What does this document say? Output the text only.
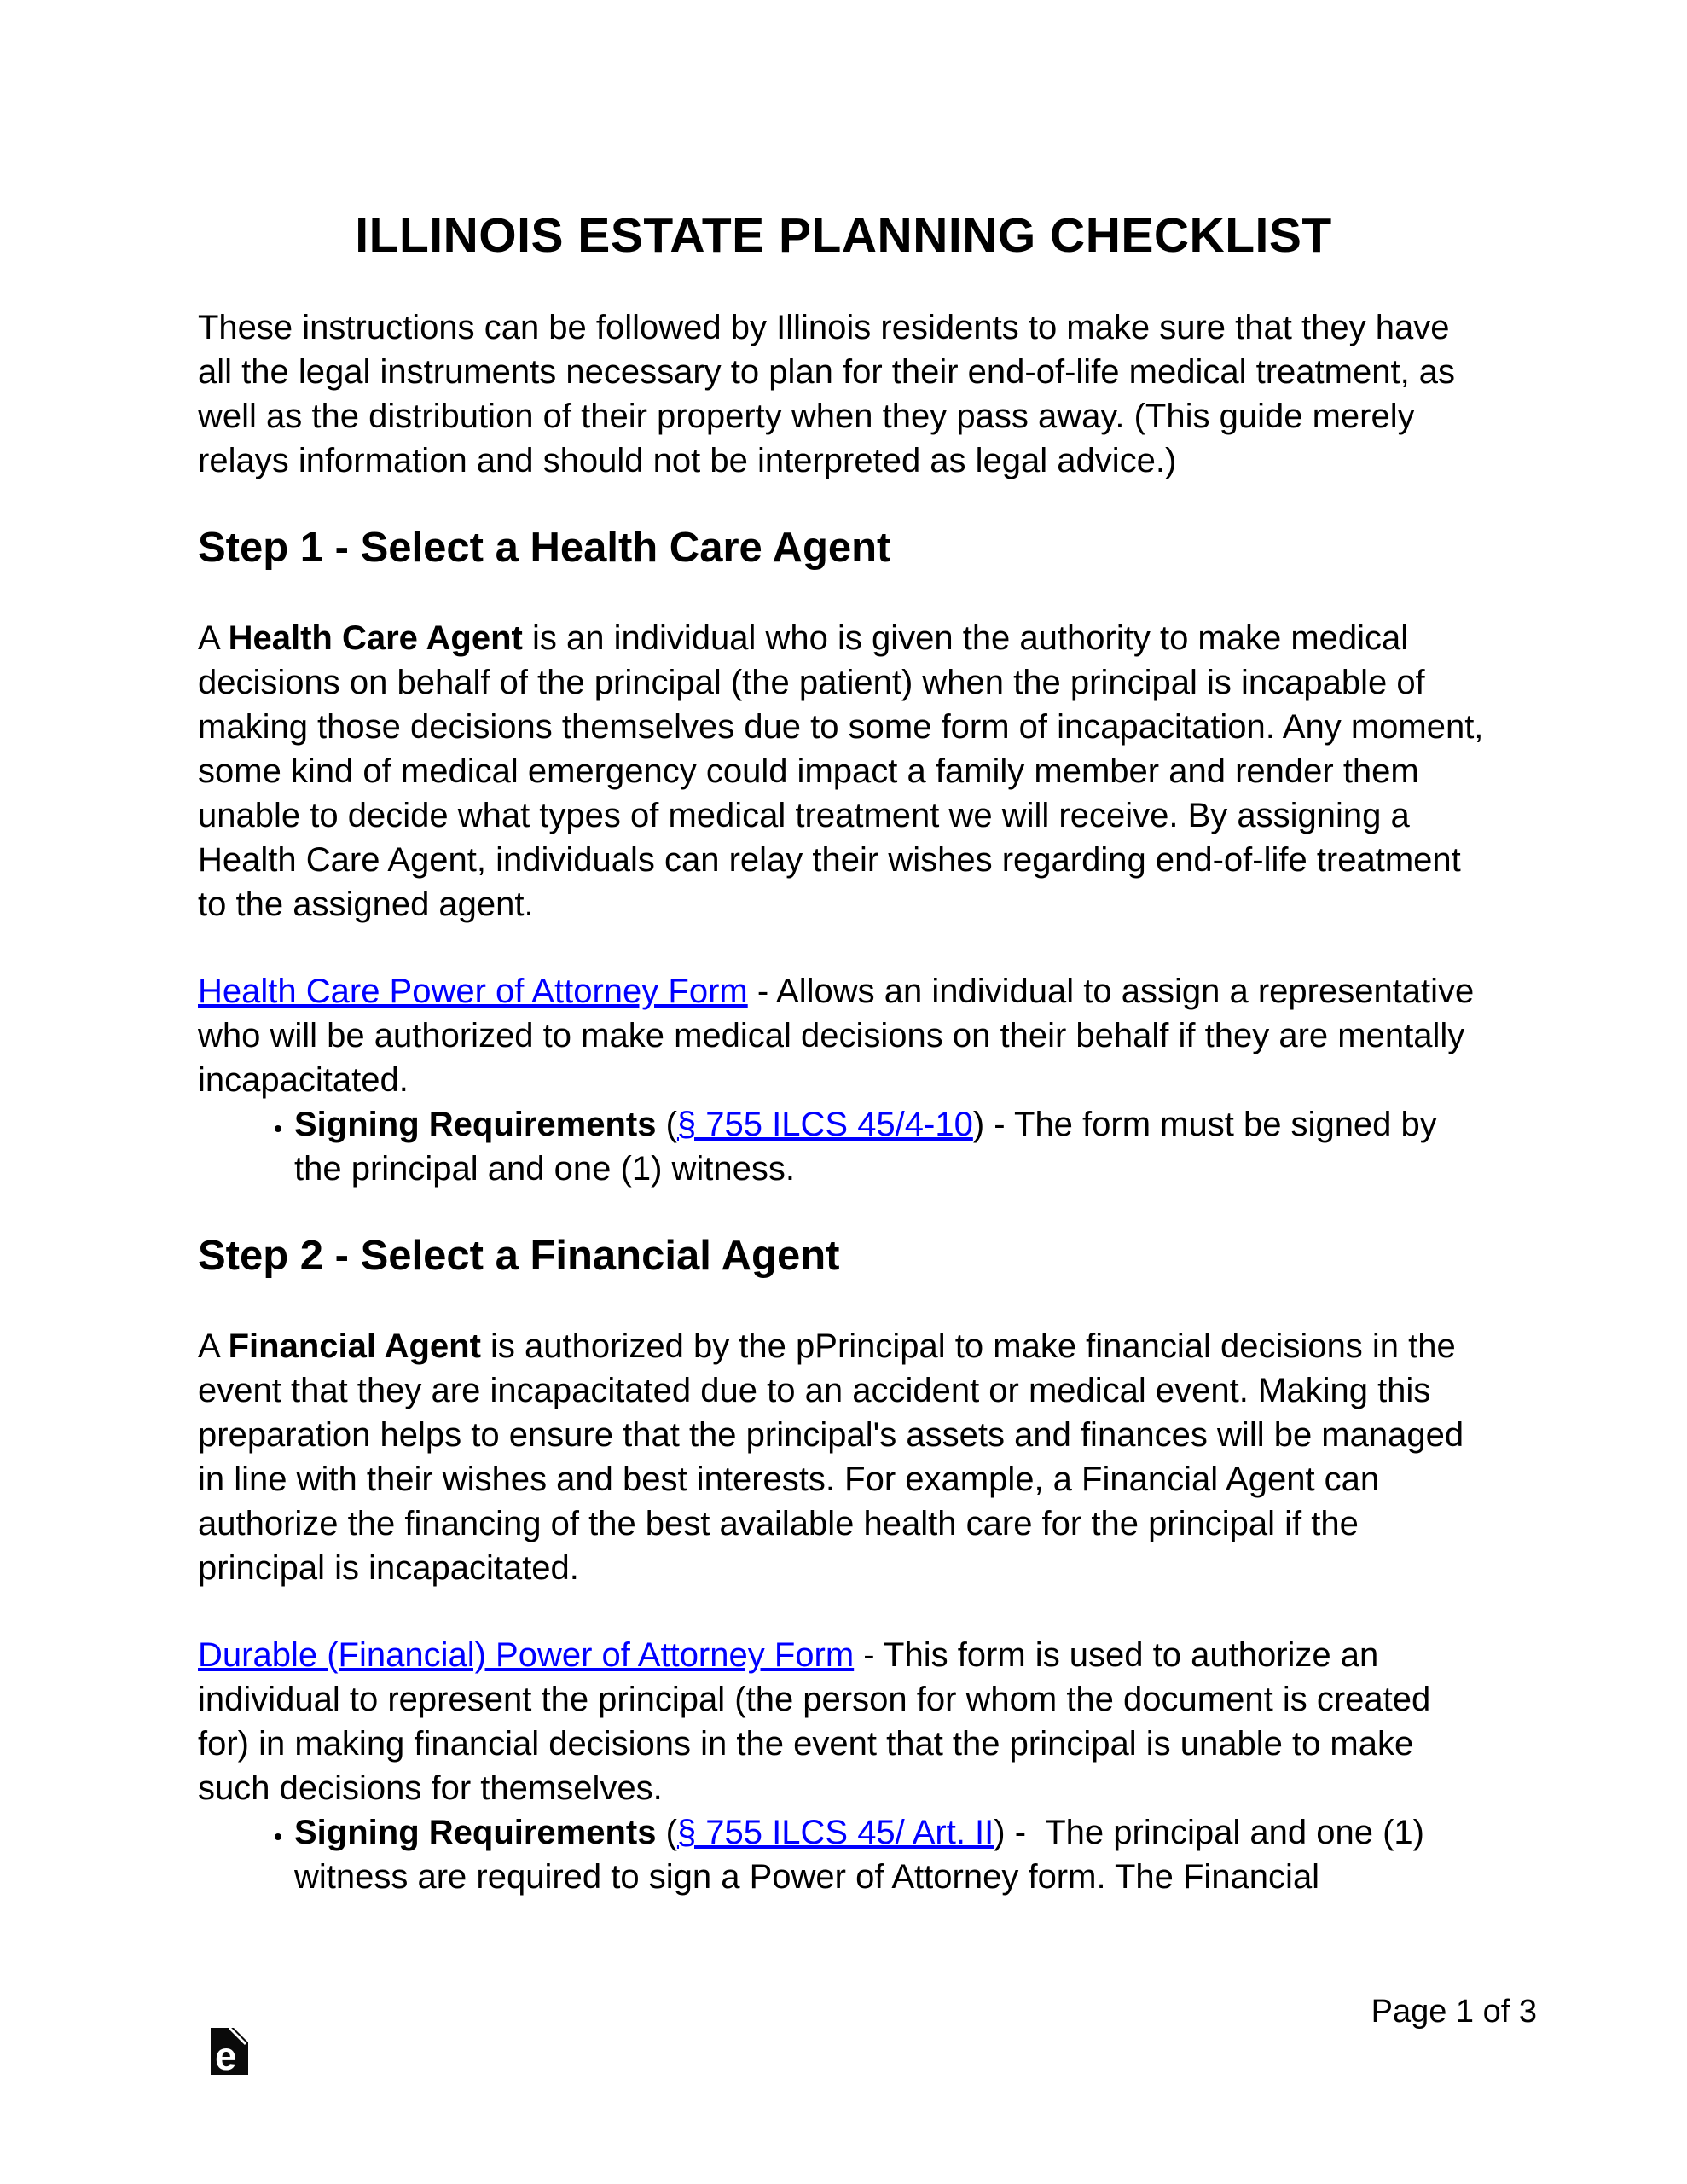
ILLINOIS ESTATE PLANNING CHECKLIST

These instructions can be followed by Illinois residents to make sure that they have all the legal instruments necessary to plan for their end-of-life medical treatment, as well as the distribution of their property when they pass away. (This guide merely relays information and should not be interpreted as legal advice.)

Step 1 - Select a Health Care Agent

A Health Care Agent is an individual who is given the authority to make medical decisions on behalf of the principal (the patient) when the principal is incapable of making those decisions themselves due to some form of incapacitation. Any moment, some kind of medical emergency could impact a family member and render them unable to decide what types of medical treatment we will receive. By assigning a Health Care Agent, individuals can relay their wishes regarding end-of-life treatment to the assigned agent.

Health Care Power of Attorney Form - Allows an individual to assign a representative who will be authorized to make medical decisions on their behalf if they are mentally incapacitated.

• Signing Requirements (§ 755 ILCS 45/4-10) - The form must be signed by the principal and one (1) witness.
Step 2 - Select a Financial Agent

A Financial Agent is authorized by the pPrincipal to make financial decisions in the event that they are incapacitated due to an accident or medical event. Making this preparation helps to ensure that the principal's assets and finances will be managed in line with their wishes and best interests. For example, a Financial Agent can authorize the financing of the best available health care for the principal if the principal is incapacitated.

Durable (Financial) Power of Attorney Form - This form is used to authorize an individual to represent the principal (the person for whom the document is created for) in making financial decisions in the event that the principal is unable to make such decisions for themselves.

• Signing Requirements (§ 755 ILCS 45/ Art. II) -  The principal and one (1) witness are required to sign a Power of Attorney form. The Financial
Page 1 of 3
e
